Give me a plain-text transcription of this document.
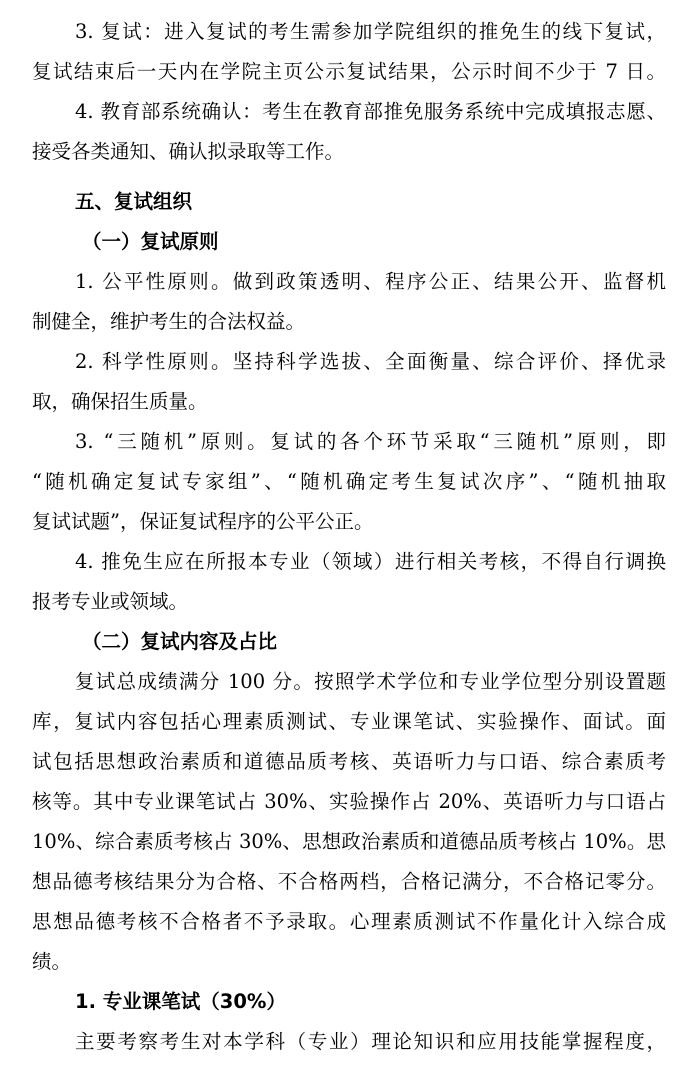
3. 复试：进入复试的考生需参加学院组织的推免生的线下复试，
复试结束后一天内在学院主页公示复试结果，公示时间不少于 7 日。
4. 教育部系统确认：考生在教育部推免服务系统中完成填报志愿、
接受各类通知、确认拟录取等工作。
五、复试组织
（一）复试原则
1. 公平性原则。做到政策透明、程序公正、结果公开、监督机
制健全，维护考生的合法权益。
2. 科学性原则。坚持科学选拔、全面衡量、综合评价、择优录
取，确保招生质量。
3. “三随机”原则。复试的各个环节采取“三随机”原则，即
“随机确定复试专家组”、“随机确定考生复试次序”、“随机抽取
复试试题”，保证复试程序的公平公正。
4. 推免生应在所报本专业（领域）进行相关考核，不得自行调换
报考专业或领域。
（二）复试内容及占比
复试总成绩满分 100 分。按照学术学位和专业学位型分别设置题
库，复试内容包括心理素质测试、专业课笔试、实验操作、面试。面
试包括思想政治素质和道德品质考核、英语听力与口语、综合素质考
核等。其中专业课笔试占 30%、实验操作占 20%、英语听力与口语占
10%、综合素质考核占 30%、思想政治素质和道德品质考核占 10%。思
想品德考核结果分为合格、不合格两档，合格记满分，不合格记零分。
思想品德考核不合格者不予录取。心理素质测试不作量化计入综合成
绩。
1. 专业课笔试（30%）
主要考察考生对本学科（专业）理论知识和应用技能掌握程度，
